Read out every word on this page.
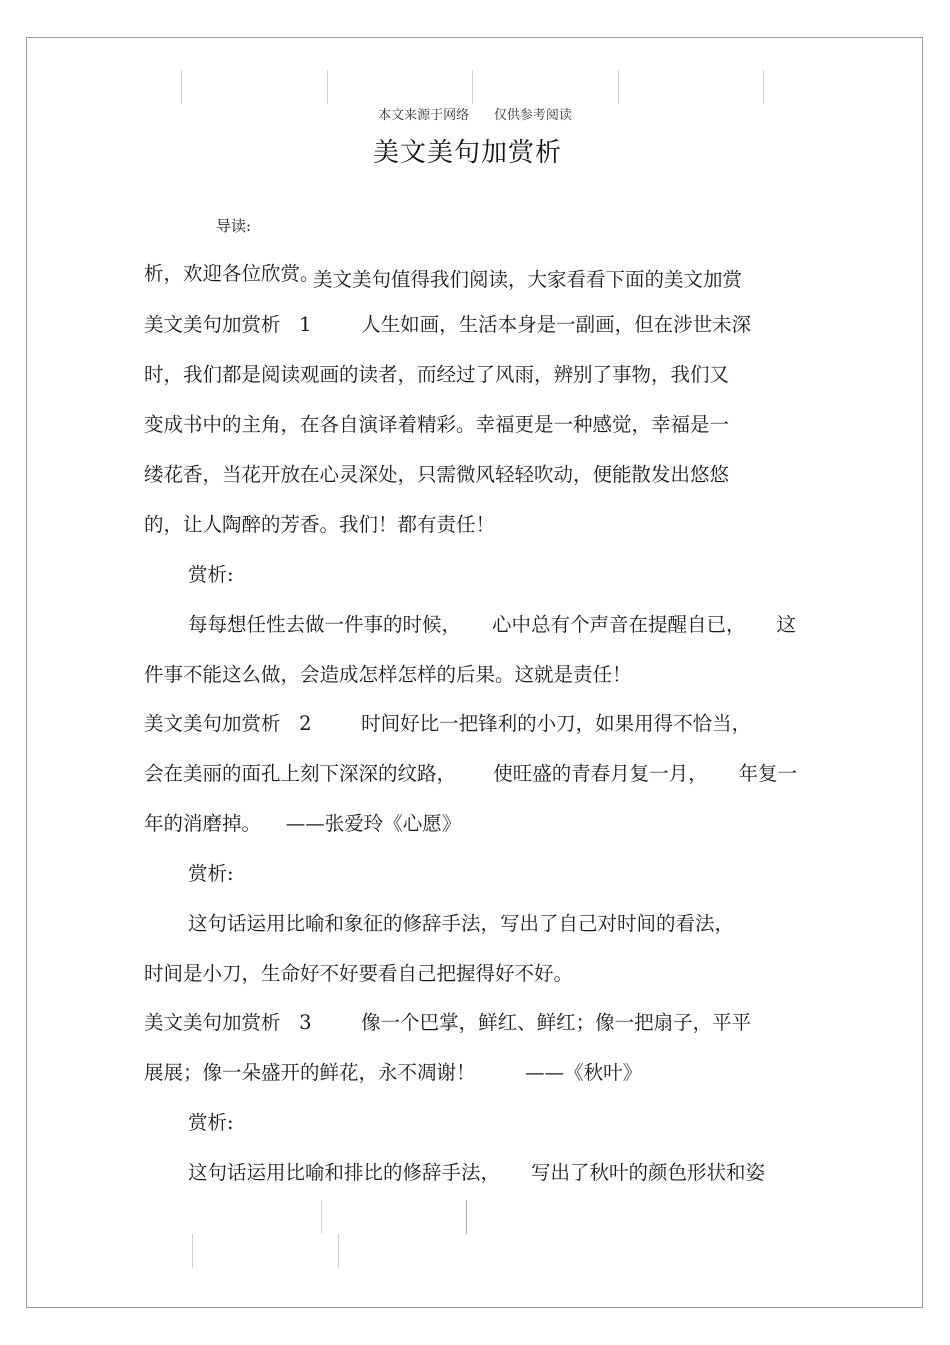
本文来源于网络      仅供参考阅读
美文美句加赏析

导读:

美文美句值得我们阅读，大家看看下面的美文加赏

析，欢迎各位欣赏。
美文美句加赏析   1        人生如画，生活本身是一副画，但在涉世未深
时，我们都是阅读观画的读者，而经过了风雨，辨别了事物，我们又
变成书中的主角，在各自演译着精彩。幸福更是一种感觉，幸福是一
缕花香，当花开放在心灵深处，只需微风轻轻吹动，便能散发出悠悠
的，让人陶醉的芳香。我们！都有责任！
赏析:
每每想任性去做一件事的时候，     心中总有个声音在提醒自已，     这
件事不能这么做，会造成怎样怎样的后果。这就是责任！
美文美句加赏析   2        时间好比一把锋利的小刀，如果用得不恰当，
会在美丽的面孔上刻下深深的纹路，      使旺盛的青春月复一月，     年复一
年的消磨掉。    ——张爱玲《心愿》
赏析:
这句话运用比喻和象征的修辞手法，写出了自己对时间的看法，
时间是小刀，生命好不好要看自己把握得好不好。
美文美句加赏析   3        像一个巴掌，鲜红、鲜红；像一把扇子，平平
展展；像一朵盛开的鲜花，永不凋谢！        ——《秋叶》
赏析:
这句话运用比喻和排比的修辞手法，     写出了秋叶的颜色形状和姿
